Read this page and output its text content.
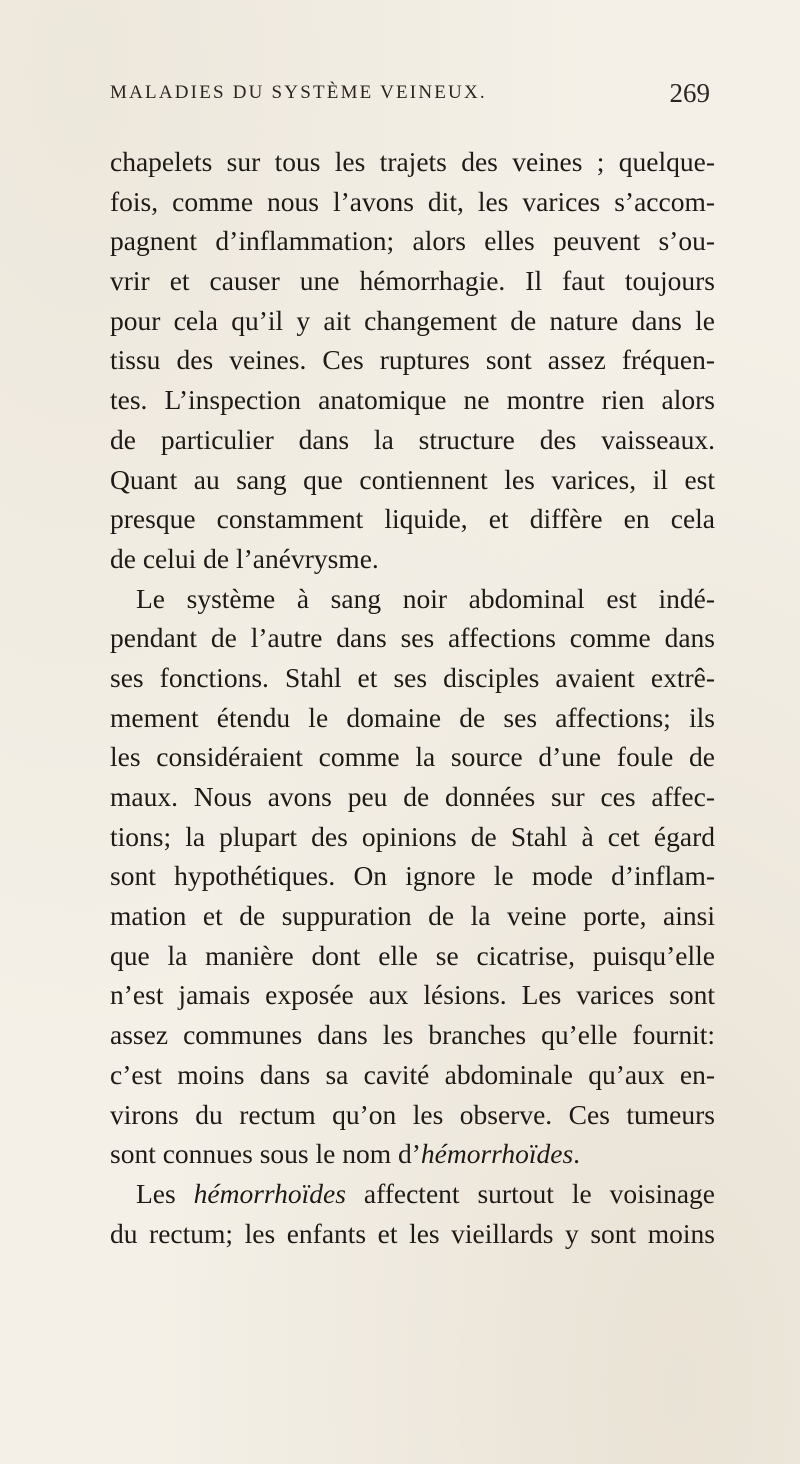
MALADIES DU SYSTÈME VEINEUX.	269
chapelets sur tous les trajets des veines ; quelque-
fois, comme nous l’avons dit, les varices s’accom-
pagnent d’inflammation; alors elles peuvent s’ou-
vrir et causer une hémorrhagie. Il faut toujours
pour cela qu’il y ait changement de nature dans le
tissu des veines. Ces ruptures sont assez fréquen-
tes. L’inspection anatomique ne montre rien alors
de particulier dans la structure des vaisseaux.
Quant au sang que contiennent les varices, il est
presque constamment liquide, et diffère en cela
de celui de l’anévrysme.
Le système à sang noir abdominal est indé-
pendant de l’autre dans ses affections comme dans
ses fonctions. Stahl et ses disciples avaient extrê-
mement étendu le domaine de ses affections; ils
les considéraient comme la source d’une foule de
maux. Nous avons peu de données sur ces affec-
tions; la plupart des opinions de Stahl à cet égard
sont hypothétiques. On ignore le mode d’inflam-
mation et de suppuration de la veine porte, ainsi
que la manière dont elle se cicatrise, puisqu’elle
n’est jamais exposée aux lésions. Les varices sont
assez communes dans les branches qu’elle fournit:
c’est moins dans sa cavité abdominale qu’aux en-
virons du rectum qu’on les observe. Ces tumeurs
sont connues sous le nom d’hémorrhoïdes.
Les hémorrhoïdes affectent surtout le voisinage
du rectum; les enfants et les vieillards y sont moins
